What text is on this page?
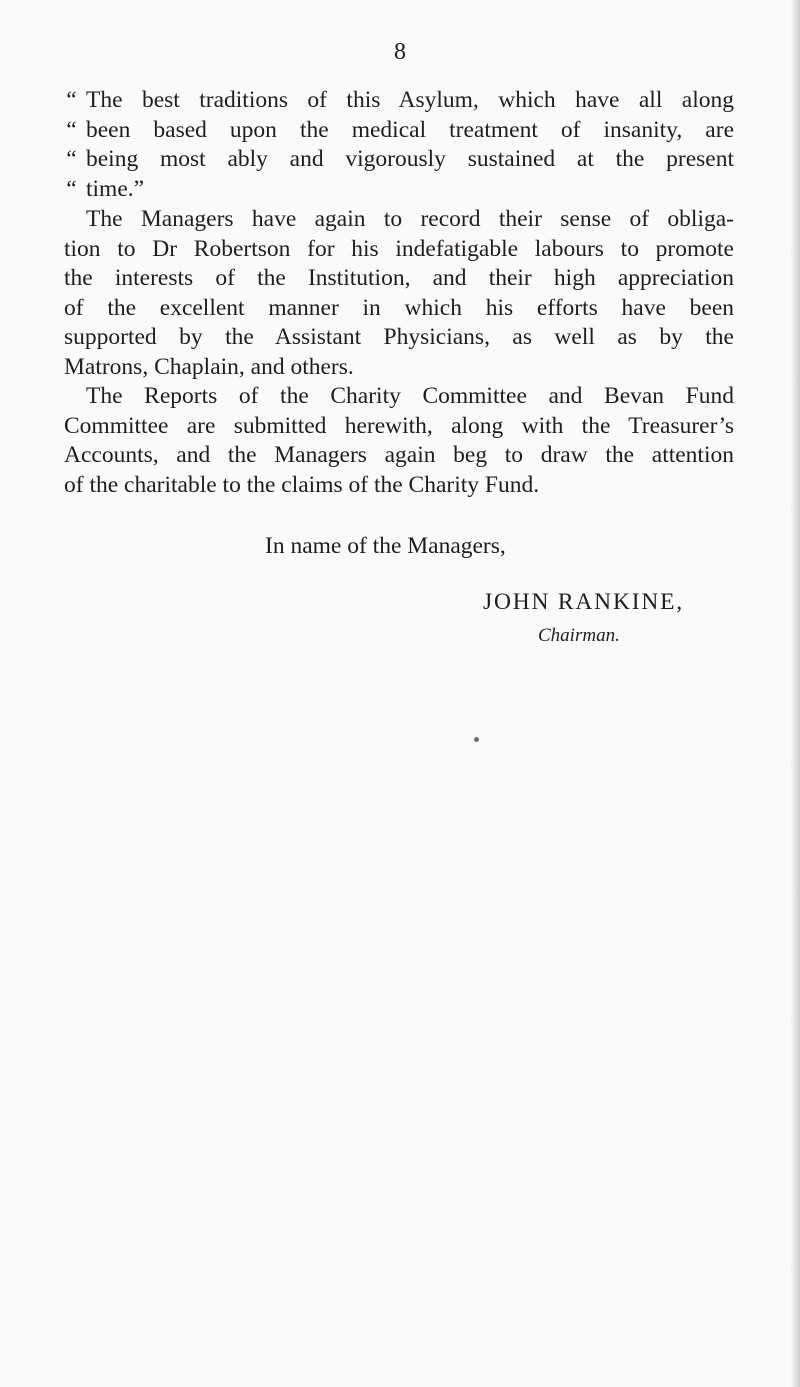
8
“ The best traditions of this Asylum, which have all along
“ been based upon the medical treatment of insanity, are
“ being most ably and vigorously sustained at the present
“ time.”
The Managers have again to record their sense of obliga-
tion to Dr Robertson for his indefatigable labours to promote
the interests of the Institution, and their high appreciation
of the excellent manner in which his efforts have been
supported by the Assistant Physicians, as well as by the
Matrons, Chaplain, and others.
The Reports of the Charity Committee and Bevan Fund
Committee are submitted herewith, along with the Treasurer’s
Accounts, and the Managers again beg to draw the attention
of the charitable to the claims of the Charity Fund.
In name of the Managers,
JOHN RANKINE,
Chairman.
